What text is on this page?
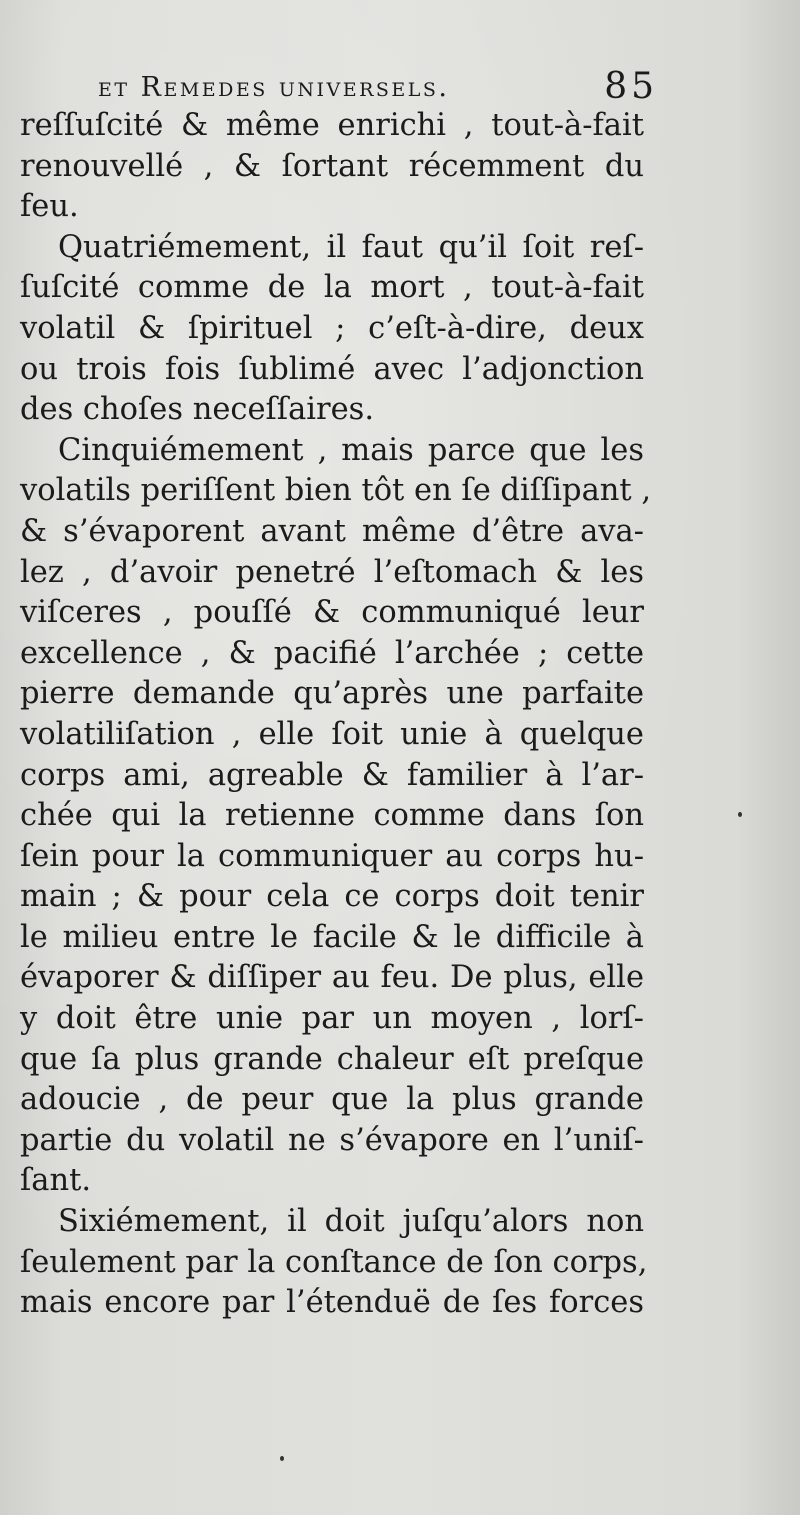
et Remedes universels.	85
reſſuſcité & même enrichi , tout-à-fait
renouvellé , & ſortant récemment du
feu.
Quatriémement, il faut qu’il ſoit reſ-
ſuſcité comme de la mort , tout-à-fait
volatil & ſpirituel ; c’eſt-à-dire, deux
ou trois fois ſublimé avec l’adjonction
des choſes neceſſaires.
Cinquiémement , mais parce que les
volatils periſſent bien tôt en ſe diſſipant ,
& s’évaporent avant même d’être ava-
lez , d’avoir penetré l’eſtomach & les
viſceres , pouſſé & communiqué leur
excellence , & pacifié l’archée ; cette
pierre demande qu’après une parfaite
volatiliſation , elle ſoit unie à quelque
corps ami, agreable & familier à l’ar-
chée qui la retienne comme dans ſon
ſein pour la communiquer au corps hu-
main ; & pour cela ce corps doit tenir
le milieu entre le facile & le difficile à
évaporer & diſſiper au feu. De plus, elle
y doit être unie par un moyen , lorſ-
que ſa plus grande chaleur eſt preſque
adoucie , de peur que la plus grande
partie du volatil ne s’évapore en l’uniſ-
ſant.
Sixiémement, il doit juſqu’alors non
ſeulement par la conſtance de ſon corps,
mais encore par l’étenduë de ſes forces
